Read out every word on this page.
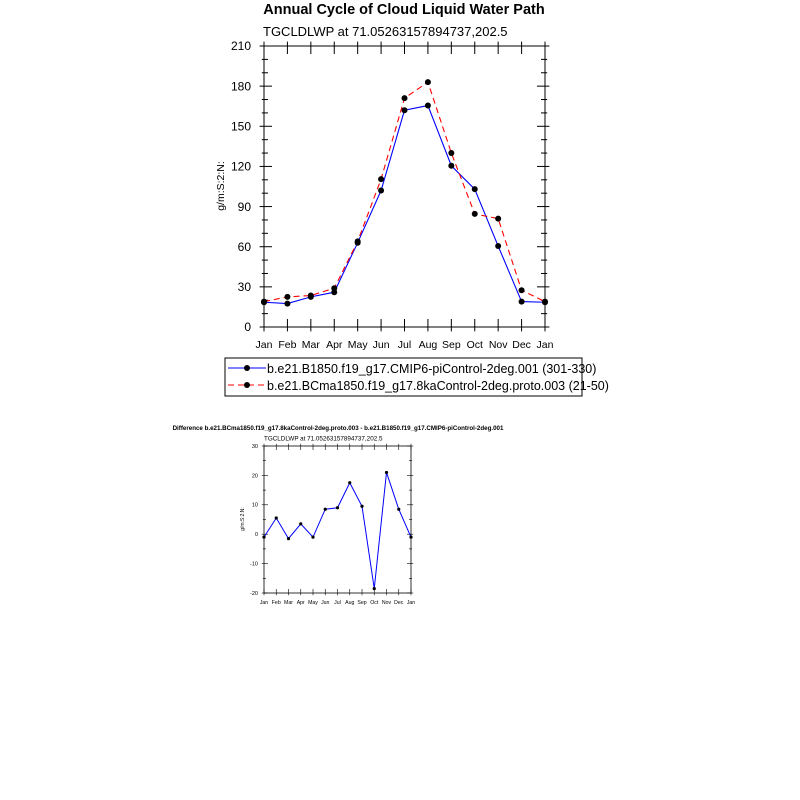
Annual Cycle of Cloud Liquid Water Path
TGCLDLWP at 71.05263157894737,202.5
g/m:S:2:N:
0
30
60
90
120
150
180
210
Jan Feb Mar Apr May Jun Jul Aug Sep Oct Nov Dec Jan
b.e21.B1850.f19_g17.CMIP6-piControl-2deg.001 (301-330)
b.e21.BCma1850.f19_g17.8kaControl-2deg.proto.003 (21-50)
Difference b.e21.BCma1850.f19_g17.8kaControl-2deg.proto.003 - b.e21.B1850.f19_g17.CMIP6-piControl-2deg.001
TGCLDLWP at 71.05263157894737,202.5
g/m:S:2:N:
-20
-10
0
10
20
30
Jan Feb Mar Apr May Jun Jul Aug Sep Oct Nov Dec Jan
